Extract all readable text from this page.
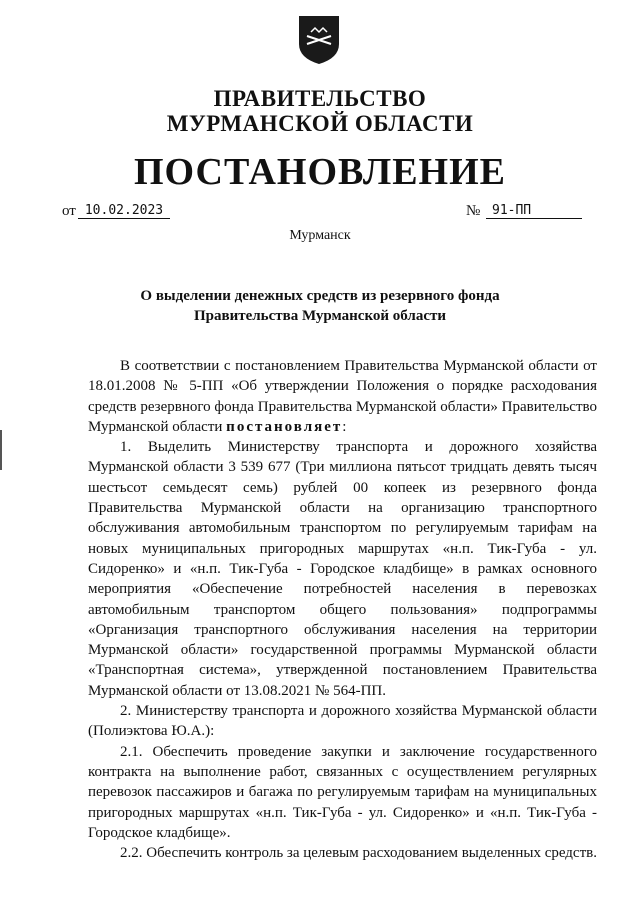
ПРАВИТЕЛЬСТВО
МУРМАНСКОЙ ОБЛАСТИ
ПОСТАНОВЛЕНИЕ
от 10.02.2023	№ 91-ПП
Мурманск
О выделении денежных средств из резервного фонда
Правительства Мурманской области

В соответствии с постановлением Правительства Мурманской области от 18.01.2008 № 5-ПП «Об утверждении Положения о порядке расходования средств резервного фонда Правительства Мурманской области» Правительство Мурманской области постановляет:

1. Выделить Министерству транспорта и дорожного хозяйства Мурманской области 3 539 677 (Три миллиона пятьсот тридцать девять тысяч шестьсот семьдесят семь) рублей 00 копеек из резервного фонда Правительства Мурманской области на организацию транспортного обслуживания автомобильным транспортом по регулируемым тарифам на новых муниципальных пригородных маршрутах «н.п. Тик-Губа - ул. Сидоренко» и «н.п. Тик-Губа - Городское кладбище» в рамках основного мероприятия «Обеспечение потребностей населения в перевозках автомобильным транспортом общего пользования» подпрограммы «Организация транспортного обслуживания населения на территории Мурманской области» государственной программы Мурманской области «Транспортная система», утвержденной постановлением Правительства Мурманской области от 13.08.2021 № 564-ПП.

2. Министерству транспорта и дорожного хозяйства Мурманской области (Полиэктова Ю.А.):

2.1. Обеспечить проведение закупки и заключение государственного контракта на выполнение работ, связанных с осуществлением регулярных перевозок пассажиров и багажа по регулируемым тарифам на муниципальных пригородных маршрутах «н.п. Тик-Губа - ул. Сидоренко» и «н.п. Тик-Губа - Городское кладбище».

2.2. Обеспечить контроль за целевым расходованием выделенных средств.
